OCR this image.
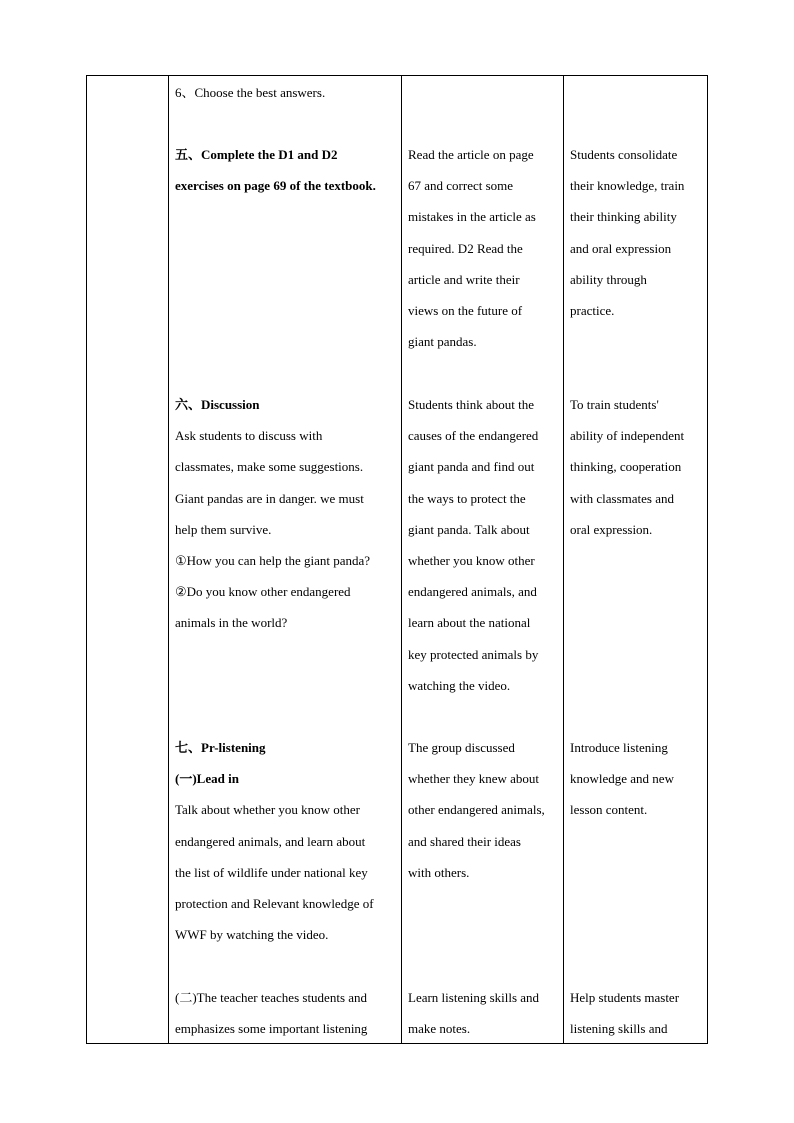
6、Choose the best answers.

五、Complete the D1 and D2

exercises on page 69 of the textbook.

Read the article on page

67 and correct some

mistakes in the article as

required. D2 Read the

article and write their

views on the future of

giant pandas.

Students consolidate

their knowledge, train

their thinking ability

and oral expression

ability through

practice.

六、Discussion

Ask students to discuss with

classmates, make some suggestions.

Giant pandas are in danger. we must

help them survive.

①How you can help the giant panda?

②Do you know other endangered

animals in the world?

Students think about the

causes of the endangered

giant panda and find out

the ways to protect the

giant panda. Talk about

whether you know other

endangered animals, and

learn about the national

key protected animals by

watching the video.

To train students'

ability of independent

thinking, cooperation

with classmates and

oral expression.

七、Pr-listening

(一)Lead in

Talk about whether you know other

endangered animals, and learn about

the list of wildlife under national key

protection and Relevant knowledge of

WWF by watching the video.

The group discussed

whether they knew about

other endangered animals,

and shared their ideas

with others.

Introduce listening

knowledge and new

lesson content.

(二)The teacher teaches students and

emphasizes some important listening

Learn listening skills and

make notes.

Help students master

listening skills and
